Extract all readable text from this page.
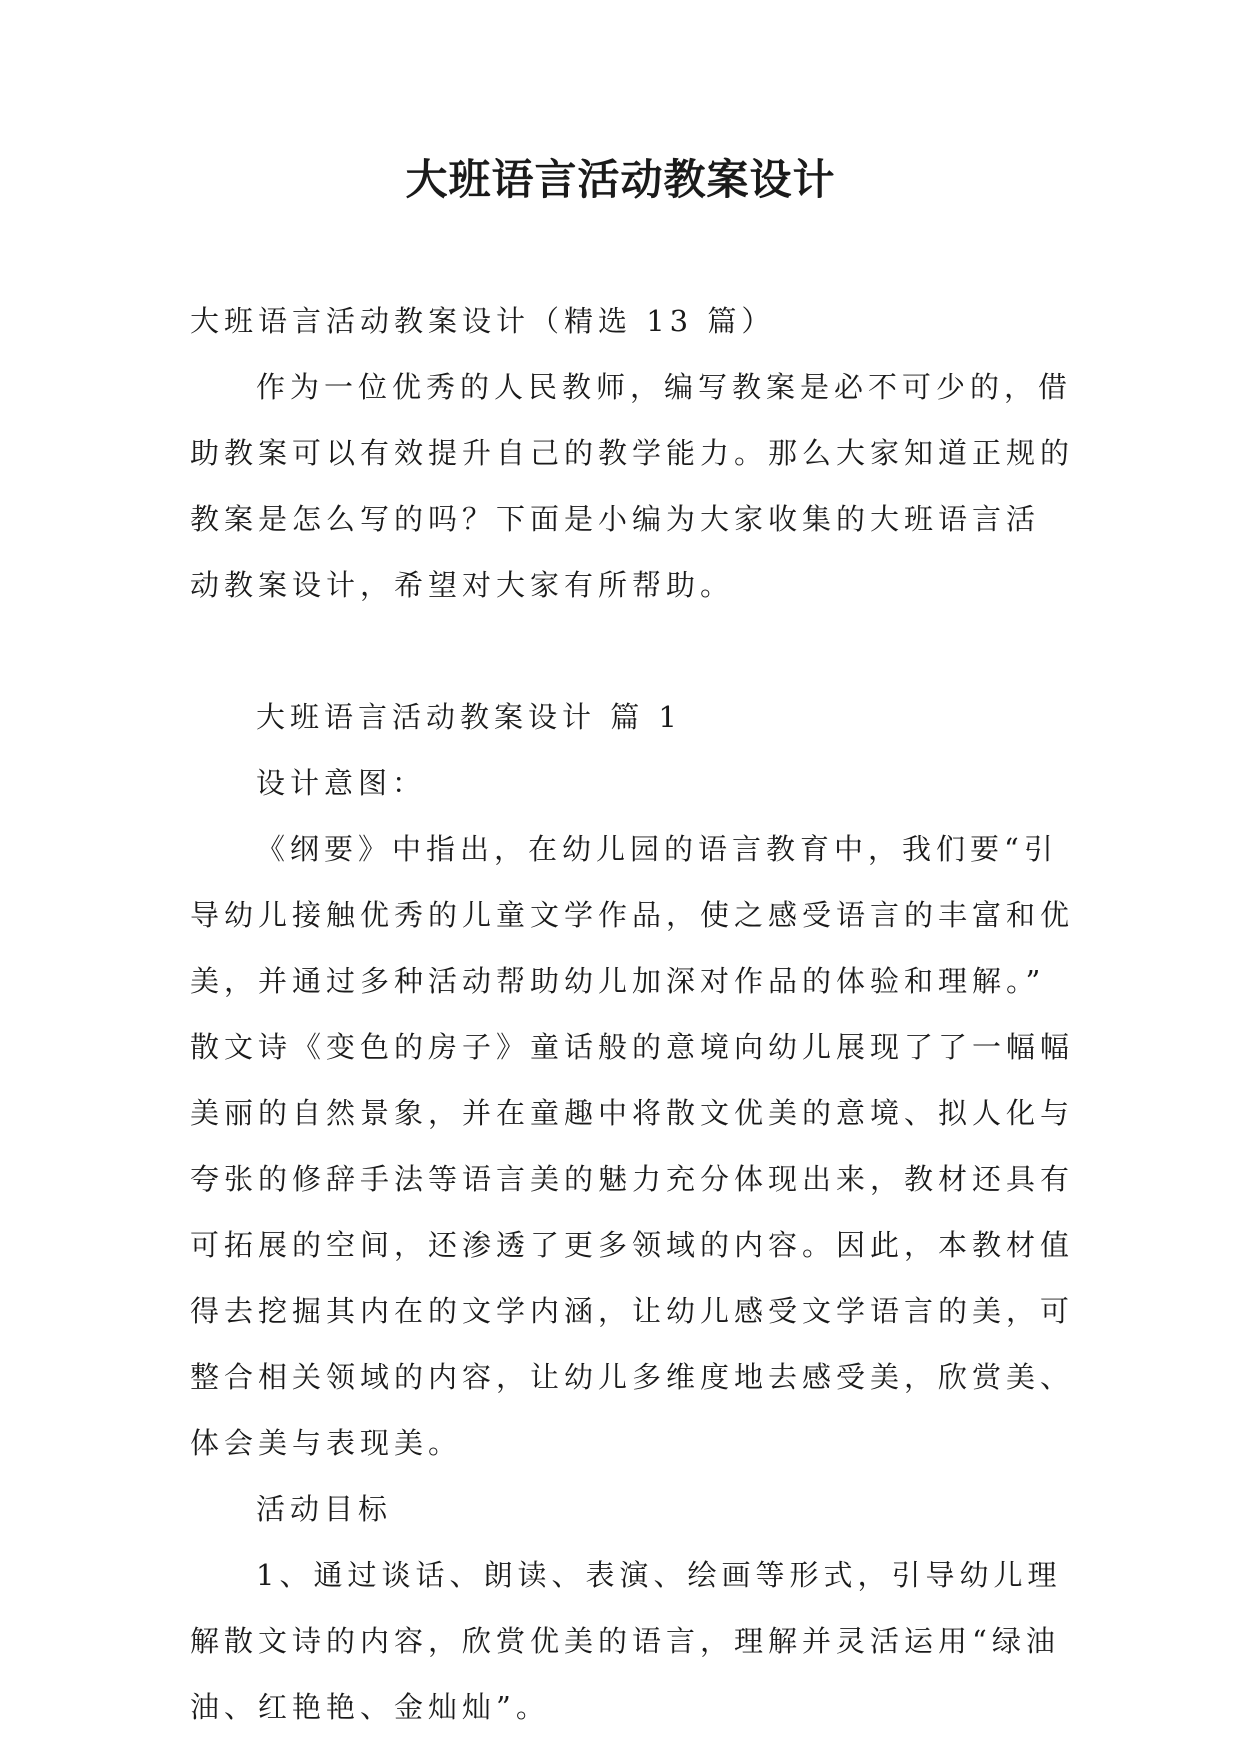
大班语言活动教案设计
大班语言活动教案设计（精选 13 篇）
作为一位优秀的人民教师，编写教案是必不可少的，借
助教案可以有效提升自己的教学能力。那么大家知道正规的
教案是怎么写的吗？下面是小编为大家收集的大班语言活
动教案设计，希望对大家有所帮助。
大班语言活动教案设计 篇 1
设计意图：
《纲要》中指出，在幼儿园的语言教育中，我们要“引
导幼儿接触优秀的儿童文学作品，使之感受语言的丰富和优
美，并通过多种活动帮助幼儿加深对作品的体验和理解。”
散文诗《变色的房子》童话般的意境向幼儿展现了了一幅幅
美丽的自然景象，并在童趣中将散文优美的意境、拟人化与
夸张的修辞手法等语言美的魅力充分体现出来，教材还具有
可拓展的空间，还渗透了更多领域的内容。因此，本教材值
得去挖掘其内在的文学内涵，让幼儿感受文学语言的美，可
整合相关领域的内容，让幼儿多维度地去感受美，欣赏美、
体会美与表现美。
活动目标
1、通过谈话、朗读、表演、绘画等形式，引导幼儿理
解散文诗的内容，欣赏优美的语言，理解并灵活运用“绿油
油、红艳艳、金灿灿”。
